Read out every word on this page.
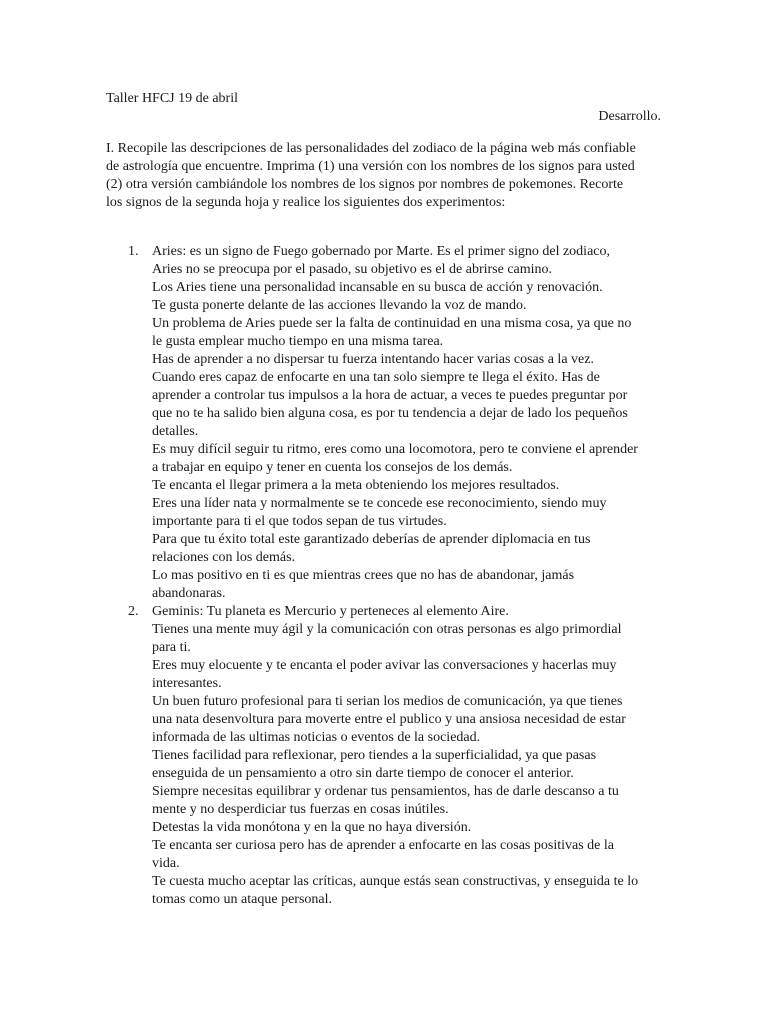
Taller HFCJ 19 de abril
Desarrollo.
I. Recopile las descripciones de las personalidades del zodiaco de la página web más confiable
de astrología que encuentre. Imprima (1) una versión con los nombres de los signos para usted
(2) otra versión cambiándole los nombres de los signos por nombres de pokemones. Recorte
los signos de la segunda hoja y realice los siguientes dos experimentos:
1. Aries: es un signo de Fuego gobernado por Marte. Es el primer signo del zodiaco,
Aries no se preocupa por el pasado, su objetivo es el de abrirse camino.
Los Aries tiene una personalidad incansable en su busca de acción y renovación.
Te gusta ponerte delante de las acciones llevando la voz de mando.
Un problema de Aries puede ser la falta de continuidad en una misma cosa, ya que no
le gusta emplear mucho tiempo en una misma tarea.
Has de aprender a no dispersar tu fuerza intentando hacer varias cosas a la vez.
Cuando eres capaz de enfocarte en una tan solo siempre te llega el éxito. Has de
aprender a controlar tus impulsos a la hora de actuar, a veces te puedes preguntar por
que no te ha salido bien alguna cosa, es por tu tendencia a dejar de lado los pequeños
detalles.
Es muy difícil seguir tu ritmo, eres como una locomotora, pero te conviene el aprender
a trabajar en equipo y tener en cuenta los consejos de los demás.
Te encanta el llegar primera a la meta obteniendo los mejores resultados.
Eres una líder nata y normalmente se te concede ese reconocimiento, siendo muy
importante para ti el que todos sepan de tus virtudes.
Para que tu éxito total este garantizado deberías de aprender diplomacia en tus
relaciones con los demás.
Lo mas positivo en ti es que mientras crees que no has de abandonar, jamás
abandonaras.
2. Geminis: Tu planeta es Mercurio y perteneces al elemento Aire.
Tienes una mente muy ágil y la comunicación con otras personas es algo primordial
para ti.
Eres muy elocuente y te encanta el poder avivar las conversaciones y hacerlas muy
interesantes.
Un buen futuro profesional para ti serian los medios de comunicación, ya que tienes
una nata desenvoltura para moverte entre el publico y una ansiosa necesidad de estar
informada de las ultimas noticias o eventos de la sociedad.
Tienes facilidad para reflexionar, pero tiendes a la superficialidad, ya que pasas
enseguida de un pensamiento a otro sin darte tiempo de conocer el anterior.
Siempre necesitas equilibrar y ordenar tus pensamientos, has de darle descanso a tu
mente y no desperdiciar tus fuerzas en cosas inútiles.
Detestas la vida monótona y en la que no haya diversión.
Te encanta ser curiosa pero has de aprender a enfocarte en las cosas positivas de la
vida.
Te cuesta mucho aceptar las críticas, aunque estás sean constructivas, y enseguida te lo
tomas como un ataque personal.
